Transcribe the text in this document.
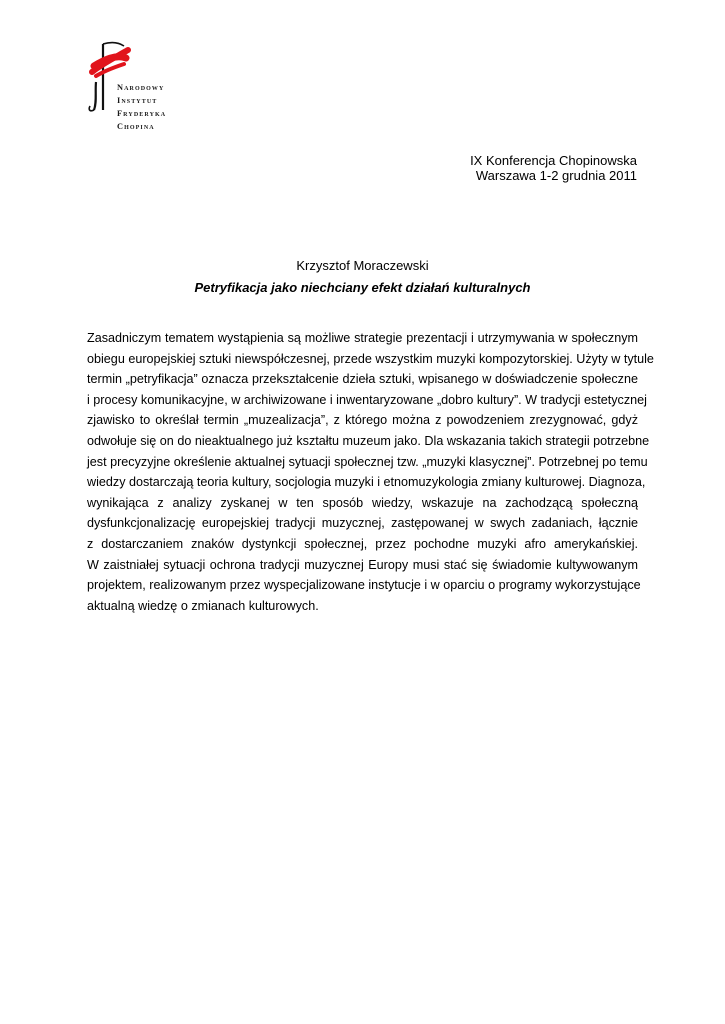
Narodowy
Instytut
Fryderyka
Chopina
IX Konferencja Chopinowska
Warszawa 1-2 grudnia 2011
Krzysztof Moraczewski
Petryfikacja jako niechciany efekt działań kulturalnych
Zasadniczym tematem wystąpienia są możliwe strategie prezentacji i utrzymywania w społecznym
obiegu europejskiej sztuki niewspółczesnej, przede wszystkim muzyki kompozytorskiej. Użyty w tytule
termin „petryfikacja” oznacza przekształcenie dzieła sztuki, wpisanego w doświadczenie społeczne
i procesy komunikacyjne, w archiwizowane i inwentaryzowane „dobro kultury”. W tradycji estetycznej
zjawisko to określał termin „muzealizacja”, z którego można z powodzeniem zrezygnować, gdyż
odwołuje się on do nieaktualnego już kształtu muzeum jako. Dla wskazania takich strategii potrzebne
jest precyzyjne określenie aktualnej sytuacji społecznej tzw. „muzyki klasycznej”. Potrzebnej po temu
wiedzy dostarczają teoria kultury, socjologia muzyki i etnomuzykologia zmiany kulturowej. Diagnoza,
wynikająca z analizy zyskanej w ten sposób wiedzy, wskazuje na zachodzącą społeczną
dysfunkcjonalizację europejskiej tradycji muzycznej, zastępowanej w swych zadaniach, łącznie
z dostarczaniem znaków dystynkcji społecznej, przez pochodne muzyki afro amerykańskiej.
W zaistniałej sytuacji ochrona tradycji muzycznej Europy musi stać się świadomie kultywowanym
projektem, realizowanym przez wyspecjalizowane instytucje i w oparciu o programy wykorzystujące
aktualną wiedzę o zmianach kulturowych.
